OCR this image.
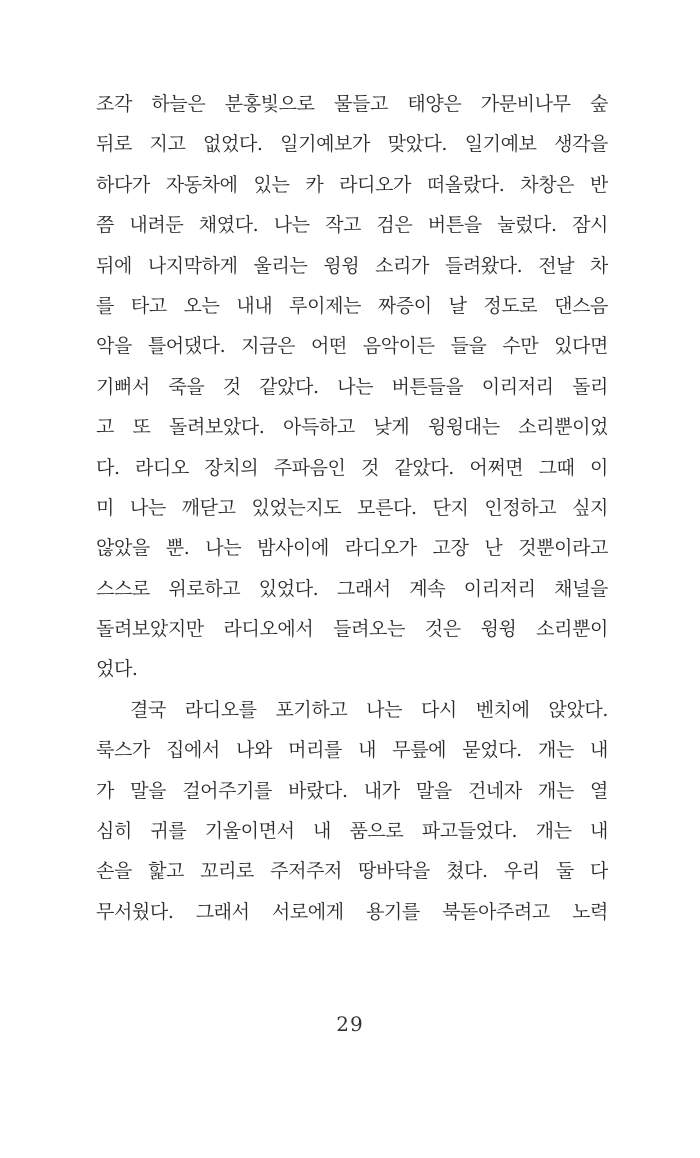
조각 하늘은 분홍빛으로 물들고 태양은 가문비나무 숲
뒤로 지고 없었다. 일기예보가 맞았다. 일기예보 생각을
하다가 자동차에 있는 카 라디오가 떠올랐다. 차창은 반
쯤 내려둔 채였다. 나는 작고 검은 버튼을 눌렀다. 잠시
뒤에 나지막하게 울리는 윙윙 소리가 들려왔다. 전날 차
를 타고 오는 내내 루이제는 짜증이 날 정도로 댄스음
악을 틀어댔다. 지금은 어떤 음악이든 들을 수만 있다면
기뻐서 죽을 것 같았다. 나는 버튼들을 이리저리 돌리
고 또 돌려보았다. 아득하고 낮게 윙윙대는 소리뿐이었
다. 라디오 장치의 주파음인 것 같았다. 어쩌면 그때 이
미 나는 깨닫고 있었는지도 모른다. 단지 인정하고 싶지
않았을 뿐. 나는 밤사이에 라디오가 고장 난 것뿐이라고
스스로 위로하고 있었다. 그래서 계속 이리저리 채널을
돌려보았지만 라디오에서 들려오는 것은 윙윙 소리뿐이
었다.
결국 라디오를 포기하고 나는 다시 벤치에 앉았다.
룩스가 집에서 나와 머리를 내 무릎에 묻었다. 개는 내
가 말을 걸어주기를 바랐다. 내가 말을 건네자 개는 열
심히 귀를 기울이면서 내 품으로 파고들었다. 개는 내
손을 핥고 꼬리로 주저주저 땅바닥을 쳤다. 우리 둘 다
무서웠다. 그래서 서로에게 용기를 북돋아주려고 노력
29
